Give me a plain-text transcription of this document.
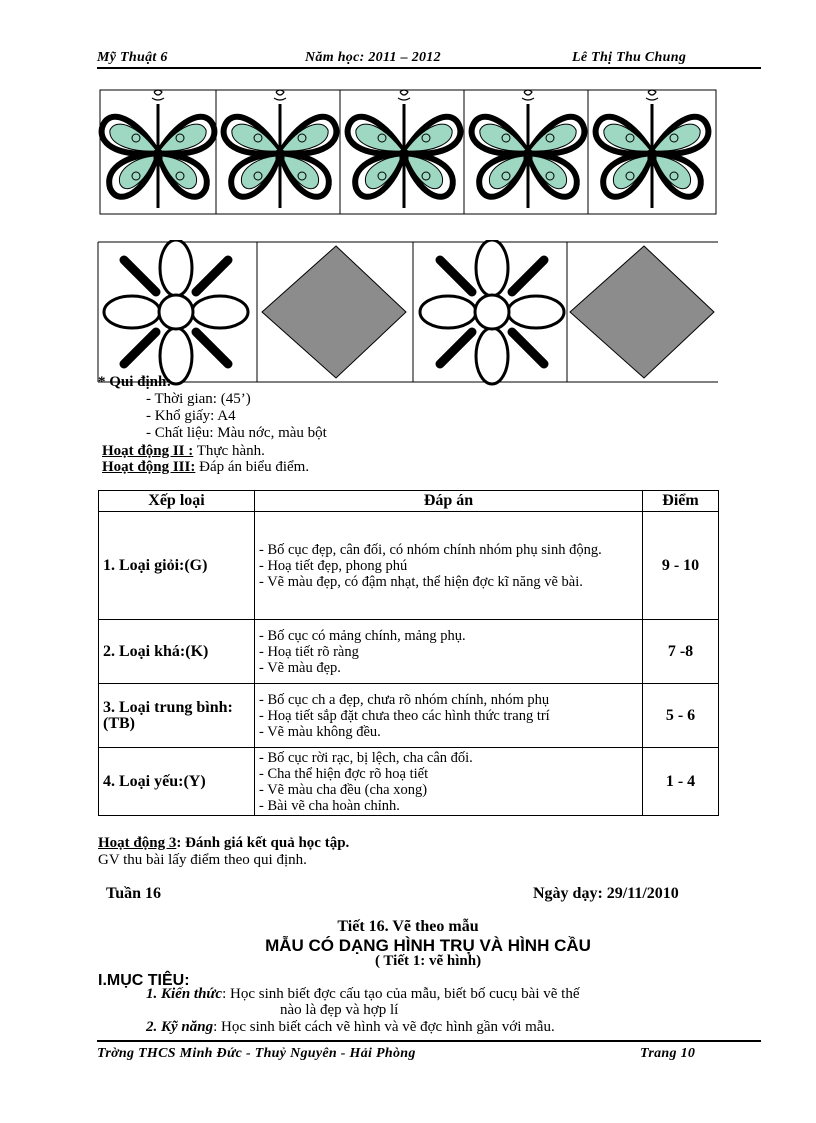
Mỹ Thuật 6	Năm học: 2011 – 2012	Lê Thị Thu Chung
* Qui định:
- Thời gian: (45’)
- Khổ giấy: A4
- Chất liệu: Màu nớc, màu bột
Hoạt động II : Thực hành.
Hoạt động III: Đáp án biểu điểm.
Xếp loại	Đáp án	Điểm
1. Loại giỏi:(G)	- Bố cục đẹp, cân đối, có nhóm chính nhóm phụ sinh động.
- Hoạ tiết đẹp, phong phú
- Vẽ màu đẹp, có đậm nhạt, thể hiện đợc kĩ năng vẽ bài.	9 - 10
2. Loại khá:(K)	- Bố cục có mảng chính, mảng phụ.
- Hoạ tiết rõ ràng
- Vẽ màu đẹp.	7 -8
3. Loại trung bình:(TB)	- Bố cục ch a đẹp, chưa rõ nhóm chính, nhóm phụ
- Hoạ tiết sắp đặt chưa theo các hình thức trang trí
- Vẽ màu không đều.	5 - 6
4. Loại yếu:(Y)	- Bố cục rời rạc, bị lệch, cha cân đối.
- Cha thể hiện đợc rõ hoạ tiết
- Vẽ màu cha đều (cha xong)
- Bài vẽ cha hoàn chỉnh.	1 - 4
Hoạt động 3: Đánh giá kết quả học tập.
GV thu bài lấy điểm theo qui định.
Tuần 16	Ngày dạy: 29/11/2010
Tiết 16. Vẽ theo mẫu
MẪU CÓ DẠNG HÌNH TRỤ VÀ HÌNH CẦU
( Tiết 1: vẽ hình)
I.MỤC TIÊU:
1. Kiến thức: Học sinh biết đợc cấu tạo của mẫu, biết bố cucụ bài vẽ thế
nào là đẹp và hợp lí
2. Kỹ năng: Học sinh biết cách vẽ hình và vẽ đợc hình gần với mẫu.
Trờng THCS Minh Đức - Thuỷ Nguyên - Hải Phòng	Trang 10
